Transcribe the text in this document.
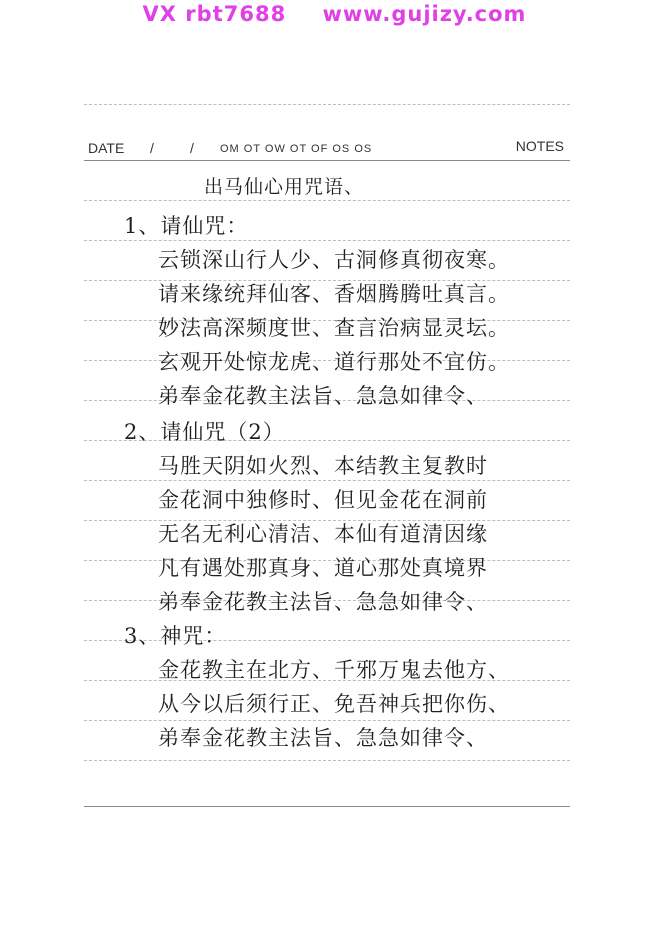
VX rbt7688 www.gujizy.com
DATE /	/ OM OT OW OT OF OS OS	NOTES
出马仙心用咒语、
1、请仙咒：
云锁深山行人少、古洞修真彻夜寒。
请来缘统拜仙客、香烟腾腾吐真言。
妙法高深频度世、查言治病显灵坛。
玄观开处惊龙虎、道行那处不宜仿。
弟奉金花教主法旨、急急如律令、
2、请仙咒（2）
马胜天阴如火烈、本结教主复教时
金花洞中独修时、但见金花在洞前
无名无利心清洁、本仙有道清因缘
凡有遇处那真身、道心那处真境界
弟奉金花教主法旨、急急如律令、
3、神咒：
金花教主在北方、千邪万鬼去他方、
从今以后须行正、免吾神兵把你伤、
弟奉金花教主法旨、急急如律令、
